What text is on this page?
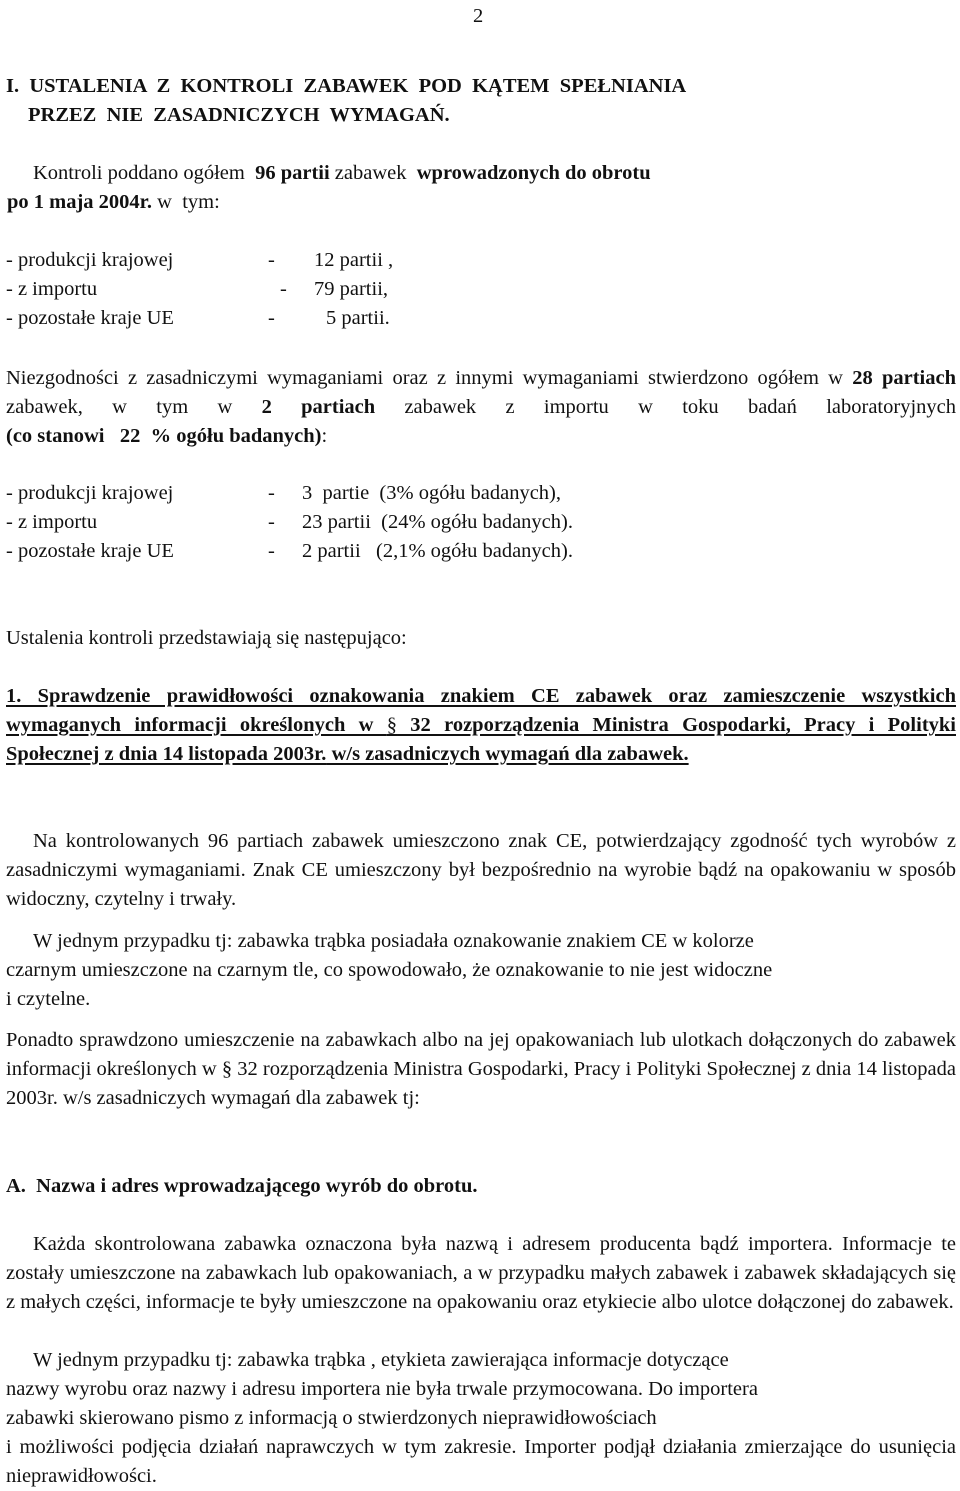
2
I.  USTALENIA  Z  KONTROLI  ZABAWEK  POD  KĄTEM  SPEŁNIANIA
PRZEZ  NIE  ZASADNICZYCH  WYMAGAŃ.
Kontroli poddano ogółem  96 partii zabawek  wprowadzonych do obrotu
po 1 maja 2004r. w  tym:
- produkcji krajowej	-	12 partii ,
- z importu	-	79 partii,
- pozostałe kraje UE	-	5 partii.
Niezgodności z zasadniczymi wymaganiami oraz z innymi wymaganiami stwierdzono ogółem w 28 partiach zabawek, w tym w 2 partiach zabawek z importu w toku badań laboratoryjnych (co stanowi   22  % ogółu badanych):
- produkcji krajowej	-	3  partie  (3% ogółu badanych),
- z importu	-	23 partii  (24% ogółu badanych).
- pozostałe kraje UE	-	2 partii   (2,1% ogółu badanych).
Ustalenia kontroli przedstawiają się następująco:
1. Sprawdzenie prawidłowości oznakowania znakiem CE zabawek oraz zamieszczenie wszystkich wymaganych informacji określonych w § 32 rozporządzenia Ministra Gospodarki, Pracy i Polityki Społecznej z dnia 14 listopada 2003r. w/s zasadniczych wymagań dla zabawek.
Na kontrolowanych 96 partiach zabawek umieszczono znak CE, potwierdzający zgodność tych wyrobów z zasadniczymi wymaganiami. Znak CE umieszczony był bezpośrednio na wyrobie bądź na opakowaniu w sposób widoczny, czytelny i trwały.
W jednym przypadku tj: zabawka trąbka posiadała oznakowanie znakiem CE w kolorze
czarnym umieszczone na czarnym tle, co spowodowało, że oznakowanie to nie jest widoczne
i czytelne.
Ponadto sprawdzono umieszczenie na zabawkach albo na jej opakowaniach lub ulotkach dołączonych do zabawek informacji określonych w § 32 rozporządzenia Ministra Gospodarki, Pracy i Polityki Społecznej z dnia 14 listopada 2003r. w/s zasadniczych wymagań dla zabawek tj:
A.  Nazwa i adres wprowadzającego wyrób do obrotu.
Każda skontrolowana zabawka oznaczona była nazwą i adresem producenta bądź importera. Informacje te zostały umieszczone na zabawkach lub opakowaniach, a w przypadku małych zabawek i zabawek składających się z małych części, informacje te były umieszczone na opakowaniu oraz etykiecie albo ulotce dołączonej do zabawek.
W jednym przypadku tj: zabawka trąbka , etykieta zawierająca informacje dotyczące
nazwy wyrobu oraz nazwy i adresu importera nie była trwale przymocowana. Do importera
zabawki skierowano pismo z informacją o stwierdzonych nieprawidłowościach
i możliwości podjęcia działań naprawczych w tym zakresie. Importer podjął działania zmierzające do usunięcia nieprawidłowości.
